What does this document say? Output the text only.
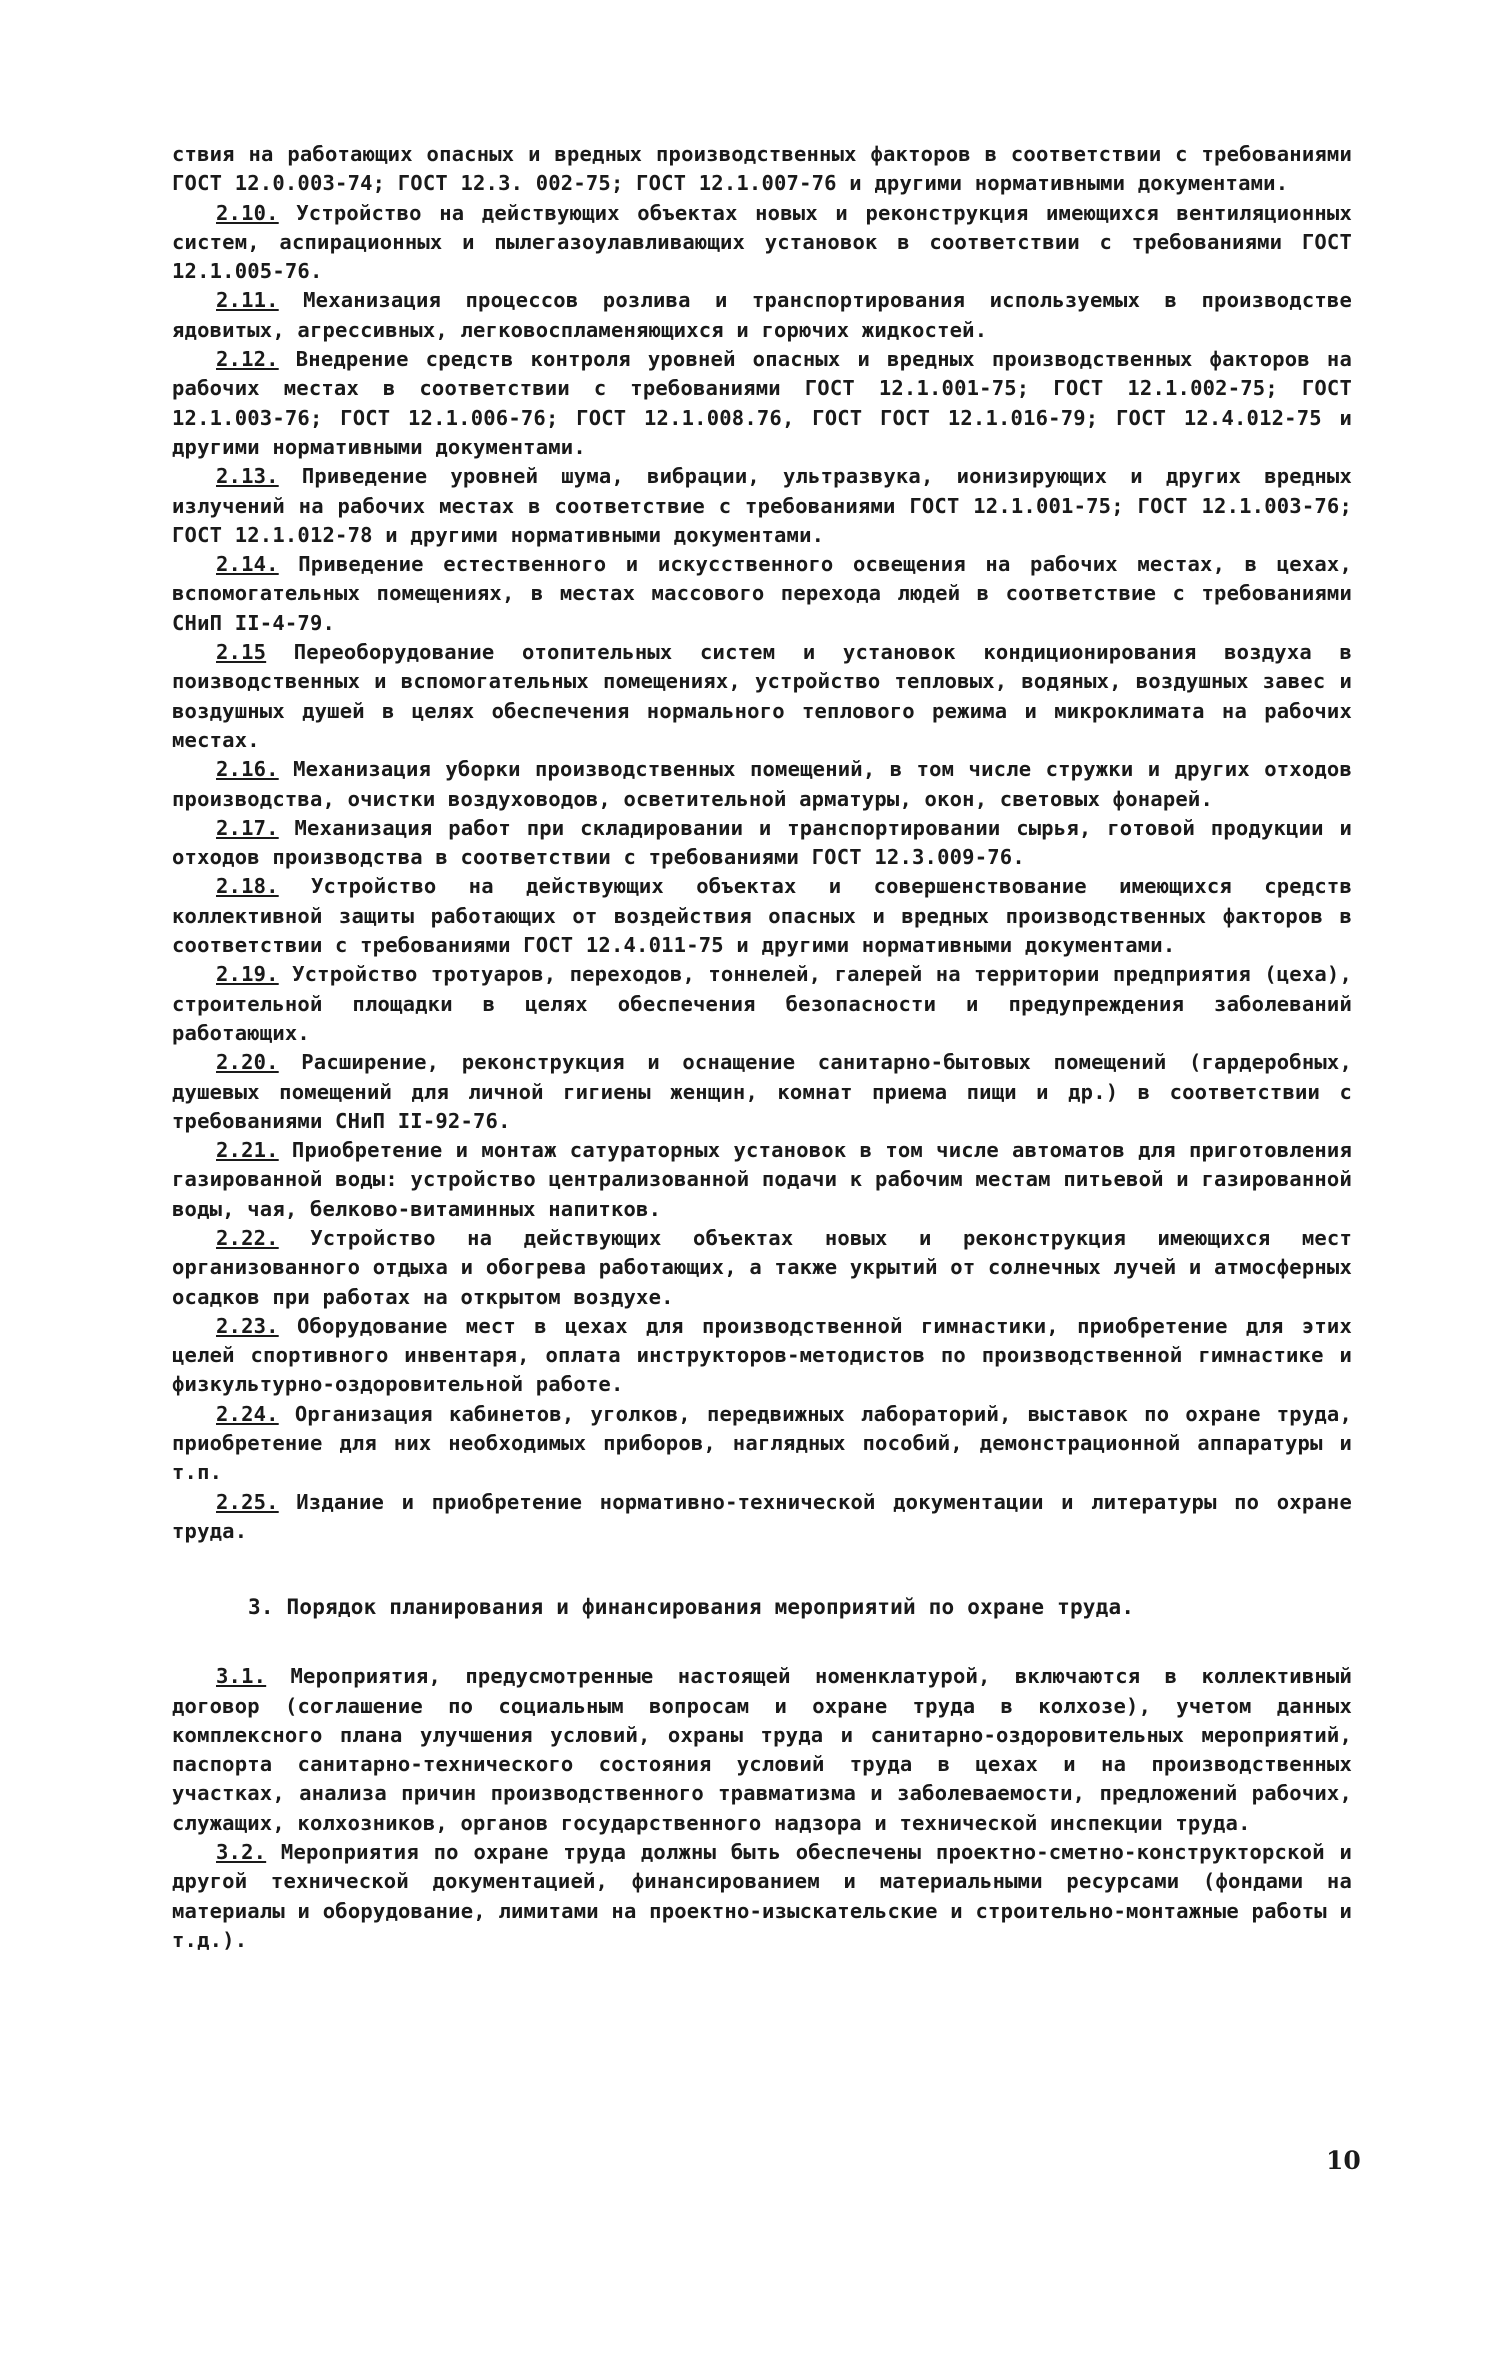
ствия на работающих опасных и вредных производственных факторов в соответствии с требованиями ГОСТ 12.0.003-74; ГОСТ 12.3. 002-75; ГОСТ 12.1.007-76 и другими нормативными документами.

2.10. Устройство на действующих объектах новых и реконструкция имеющихся вентиляционных систем, аспирационных и пылегазоулавливающих установок в соответствии с требованиями ГОСТ 12.1.005-76.

2.11. Механизация процессов розлива и транспортирования используемых в производстве ядовитых, агрессивных, легковоспламеняющихся и горючих жидкостей.

2.12. Внедрение средств контроля уровней опасных и вредных производственных факторов на рабочих местах в соответствии с требованиями ГОСТ 12.1.001-75; ГОСТ 12.1.002-75; ГОСТ 12.1.003-76; ГОСТ 12.1.006-76; ГОСТ 12.1.008.76, ГОСТ ГОСТ 12.1.016-79; ГОСТ 12.4.012-75 и другими нормативными документами.

2.13. Приведение уровней шума, вибрации, ультразвука, ионизирующих и других вредных излучений на рабочих местах в соответствие с требованиями ГОСТ 12.1.001-75; ГОСТ 12.1.003-76; ГОСТ 12.1.012-78 и другими нормативными документами.

2.14. Приведение естественного и искусственного освещения на рабочих местах, в цехах, вспомогательных помещениях, в местах массового перехода людей в соответствие с требованиями СНиП II-4-79.

2.15 Переоборудование отопительных систем и установок кондиционирования воздуха в поизводственных и вспомогательных помещениях, устройство тепловых, водяных, воздушных завес и воздушных душей в целях обеспечения нормального теплового режима и микроклимата на рабочих местах.

2.16. Механизация уборки производственных помещений, в том числе стружки и других отходов производства, очистки воздуховодов, осветительной арматуры, окон, световых фонарей.

2.17. Механизация работ при складировании и транспортировании сырья, готовой продукции и отходов производства в соответствии с требованиями ГОСТ 12.3.009-76.

2.18. Устройство на действующих объектах и совершенствование имеющихся средств коллективной защиты работающих от воздействия опасных и вредных производственных факторов в соответствии с требованиями ГОСТ 12.4.011-75 и другими нормативными документами.

2.19. Устройство тротуаров, переходов, тоннелей, галерей на территории предприятия (цеха), строительной площадки в целях обеспечения безопасности и предупреждения заболеваний работающих.

2.20. Расширение, реконструкция и оснащение санитарно-бытовых помещений (гардеробных, душевых помещений для личной гигиены женщин, комнат приема пищи и др.) в соответствии с требованиями СНиП II-92-76.

2.21. Приобретение и монтаж сатураторных установок в том числе автоматов для приготовления газированной воды: устройство централизованной подачи к рабочим местам питьевой и газированной воды, чая, белково-витаминных напитков.

2.22. Устройство на действующих объектах новых и реконструкция имеющихся мест организованного отдыха и обогрева работающих, а также укрытий от солнечных лучей и атмосферных осадков при работах на открытом воздухе.

2.23. Оборудование мест в цехах для производственной гимнастики, приобретение для этих целей спортивного инвентаря, оплата инструкторов-методистов по производственной гимнастике и физкультурно-оздоровительной работе.

2.24. Организация кабинетов, уголков, передвижных лабораторий, выставок по охране труда, приобретение для них необходимых приборов, наглядных пособий, демонстрационной аппаратуры и т.п.

2.25. Издание и приобретение нормативно-технической документации и литературы по охране труда.

3. Порядок планирования и финансирования мероприятий по охране труда.

3.1. Мероприятия, предусмотренные настоящей номенклатурой, включаются в коллективный договор (соглашение по социальным вопросам и охране труда в колхозе), учетом данных комплексного плана улучшения условий, охраны труда и санитарно-оздоровительных мероприятий, паспорта санитарно-технического состояния условий труда в цехах и на производственных участках, анализа причин производственного травматизма и заболеваемости, предложений рабочих, служащих, колхозников, органов государственного надзора и технической инспекции труда.

3.2. Мероприятия по охране труда должны быть обеспечены проектно-сметно-конструкторской и другой технической документацией, финансированием и материальными ресурсами (фондами на материалы и оборудование, лимитами на проектно-изыскательские и строительно-монтажные работы и т.д.).

10
